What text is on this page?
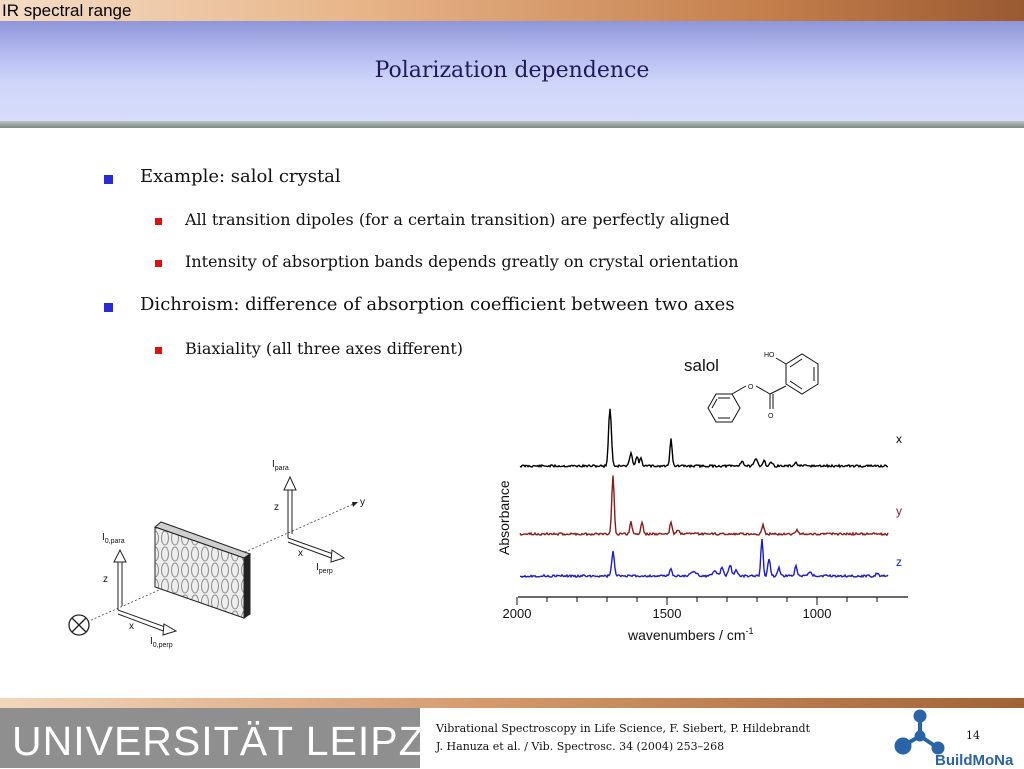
IR spectral range
Polarization dependence
Example: salol crystal
All transition dipoles (for a certain transition) are perfectly aligned
Intensity of absorption bands depends greatly on crystal orientation
Dichroism: difference of absorption coefficient between two axes
Biaxiality (all three axes different)
y
z
x
z
x
$I_{para}$
$I_{perp}$
$I_{0,para}$
$I_{0,perp}$
salol
HO
O
O
Absorbance
2000	1500	1000
wavenumbers / $cm^{-1}$
x
y
z
UNIVERSITÄT LEIPZIG
Vibrational Spectroscopy in Life Science, F. Siebert, P. Hildebrandt
J. Hanuza et al. / Vib. Spectrosc. 34 (2004) 253–268
14
BuildMoNa
